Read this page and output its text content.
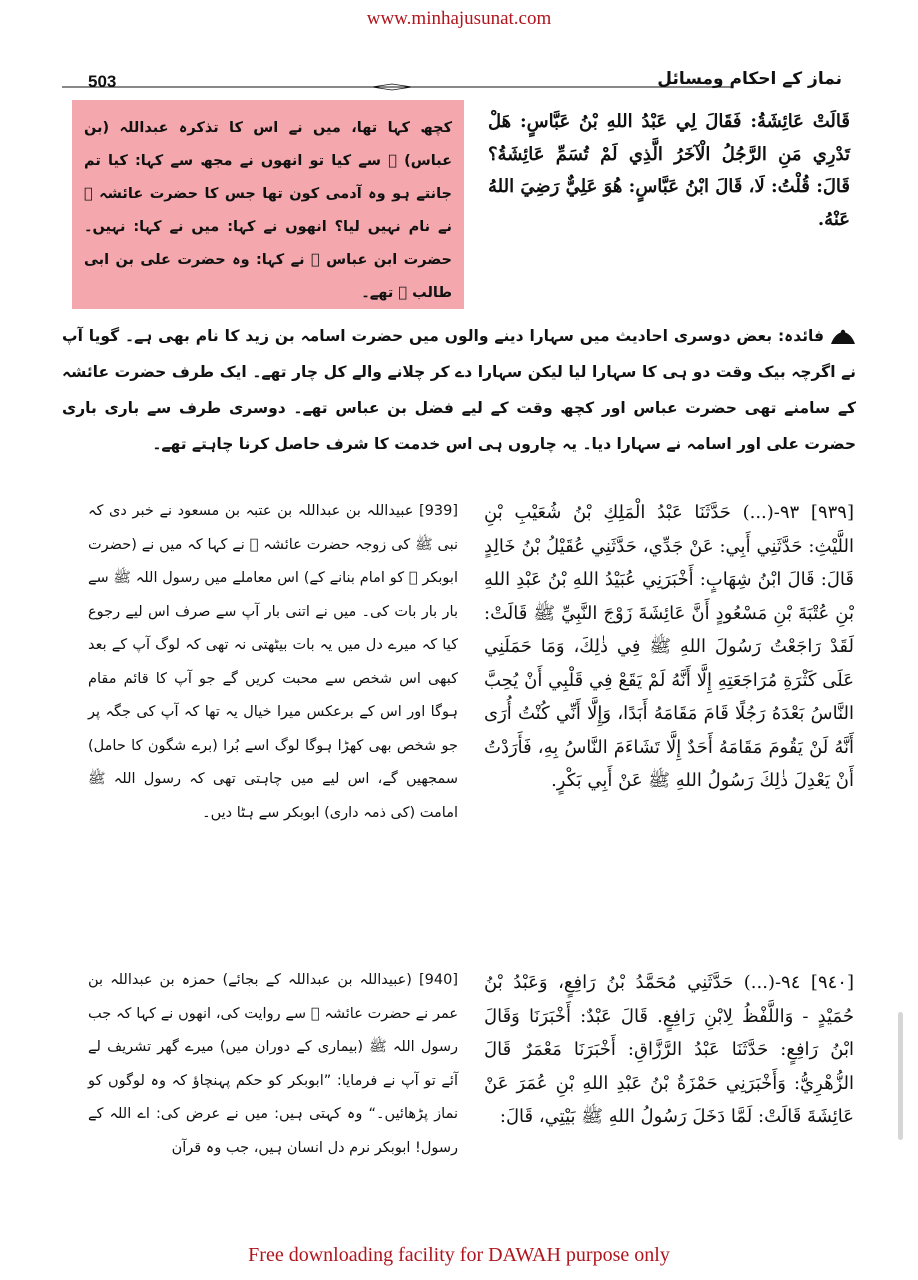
www.minhajusunat.com
503	نماز کے احکام ومسائل
کچھ کہا تھا، میں نے اس کا تذکرہ عبداللہ (بن عباس) ﷜ سے کیا تو انھوں نے مجھ سے کہا: کیا تم جانتے ہو وہ آدمی کون تھا جس کا حضرت عائشہ ﷞ نے نام نہیں لیا؟ انھوں نے کہا: میں نے کہا: نہیں۔ حضرت ابن عباس ﷜ نے کہا: وہ حضرت علی بن ابی طالب ﷜ تھے۔
قَالَتْ عَائِشَةُ: فَقَالَ لِي عَبْدُ اللهِ بْنُ عَبَّاسٍ: هَلْ تَدْرِي مَنِ الرَّجُلُ الْآخَرُ الَّذِي لَمْ تُسَمِّ عَائِشَةُ؟ قَالَ: قُلْتُ: لَا، قَالَ ابْنُ عَبَّاسٍ: هُوَ عَلِيٌّ رَضِيَ اللهُ عَنْهُ.
فائدہ: بعض دوسری احادیث میں سہارا دینے والوں میں حضرت اسامہ بن زید کا نام بھی ہے۔ گویا آپ نے اگرچہ بیک وقت دو ہی کا سہارا لیا لیکن سہارا دے کر چلانے والے کل چار تھے۔ ایک طرف حضرت عائشہ کے سامنے تھی حضرت عباس اور کچھ وقت کے لیے فضل بن عباس تھے۔ دوسری طرف سے باری باری حضرت علی اور اسامہ نے سہارا دیا۔ یہ چاروں ہی اس خدمت کا شرف حاصل کرنا چاہتے تھے۔
[939] عبیداللہ بن عبداللہ بن عتبہ بن مسعود نے خبر دی کہ نبی ﷺ کی زوجہ حضرت عائشہ ﷞ نے کہا کہ میں نے (حضرت ابوبکر ﷜ کو امام بنانے کے) اس معاملے میں رسول اللہ ﷺ سے بار بار بات کی۔ میں نے اتنی بار آپ سے صرف اس لیے رجوع کیا کہ میرے دل میں یہ بات بیٹھتی نہ تھی کہ لوگ آپ کے بعد کبھی اس شخص سے محبت کریں گے جو آپ کا قائم مقام ہوگا اور اس کے برعکس میرا خیال یہ تھا کہ آپ کی جگہ پر جو شخص بھی کھڑا ہوگا لوگ اسے بُرا (برے شگون کا حامل) سمجھیں گے، اس لیے میں چاہتی تھی کہ رسول اللہ ﷺ امامت (کی ذمہ داری) ابوبکر سے ہٹا دیں۔
[٩٣٩] ٩٣-(...) حَدَّثَنَا عَبْدُ الْمَلِكِ بْنُ شُعَيْبِ بْنِ اللَّيْثِ: حَدَّثَنِي أَبِي: عَنْ جَدِّي، حَدَّثَنِي عُقَيْلُ بْنُ خَالِدٍ قَالَ: قَالَ ابْنُ شِهَابٍ: أَخْبَرَنِي عُبَيْدُ اللهِ بْنُ عَبْدِ اللهِ بْنِ عُتْبَةَ بْنِ مَسْعُودٍ أَنَّ عَائِشَةَ زَوْجَ النَّبِيِّ ﷺ قَالَتْ: لَقَدْ رَاجَعْتُ رَسُولَ اللهِ ﷺ فِي ذٰلِكَ، وَمَا حَمَلَنِي عَلَى كَثْرَةِ مُرَاجَعَتِهِ إِلَّا أَنَّهُ لَمْ يَقَعْ فِي قَلْبِي أَنْ يُحِبَّ النَّاسُ بَعْدَهُ رَجُلًا قَامَ مَقَامَهُ أَبَدًا، وَإِلَّا أَنِّي كُنْتُ أُرَى أَنَّهُ لَنْ يَقُومَ مَقَامَهُ أَحَدٌ إِلَّا تَشَاءَمَ النَّاسُ بِهِ، فَأَرَدْتُ أَنْ يَعْدِلَ ذٰلِكَ رَسُولُ اللهِ ﷺ عَنْ أَبِي بَكْرٍ.
[940] (عبیداللہ بن عبداللہ کے بجائے) حمزہ بن عبداللہ بن عمر نے حضرت عائشہ ﷞ سے روایت کی، انھوں نے کہا کہ جب رسول اللہ ﷺ (بیماری کے دوران میں) میرے گھر تشریف لے آئے تو آپ نے فرمایا: ”ابوبکر کو حکم پہنچاؤ کہ وہ لوگوں کو نماز پڑھائیں۔“ وہ کہتی ہیں: میں نے عرض کی: اے اللہ کے رسول! ابوبکر نرم دل انسان ہیں، جب وہ قرآن
[٩٤٠] ٩٤-(...) حَدَّثَنِي مُحَمَّدُ بْنُ رَافِعٍ، وَعَبْدُ بْنُ حُمَيْدٍ - وَاللَّفْظُ لِابْنِ رَافِعٍ. قَالَ عَبْدٌ: أَخْبَرَنَا وَقَالَ ابْنُ رَافِعٍ: حَدَّثَنَا عَبْدُ الرَّزَّاقِ: أَخْبَرَنَا مَعْمَرٌ قَالَ الزُّهْرِيُّ: وَأَخْبَرَنِي حَمْزَةُ بْنُ عَبْدِ اللهِ بْنِ عُمَرَ عَنْ عَائِشَةَ قَالَتْ: لَمَّا دَخَلَ رَسُولُ اللهِ ﷺ بَيْتِي، قَالَ:
Free downloading facility for DAWAH purpose only
